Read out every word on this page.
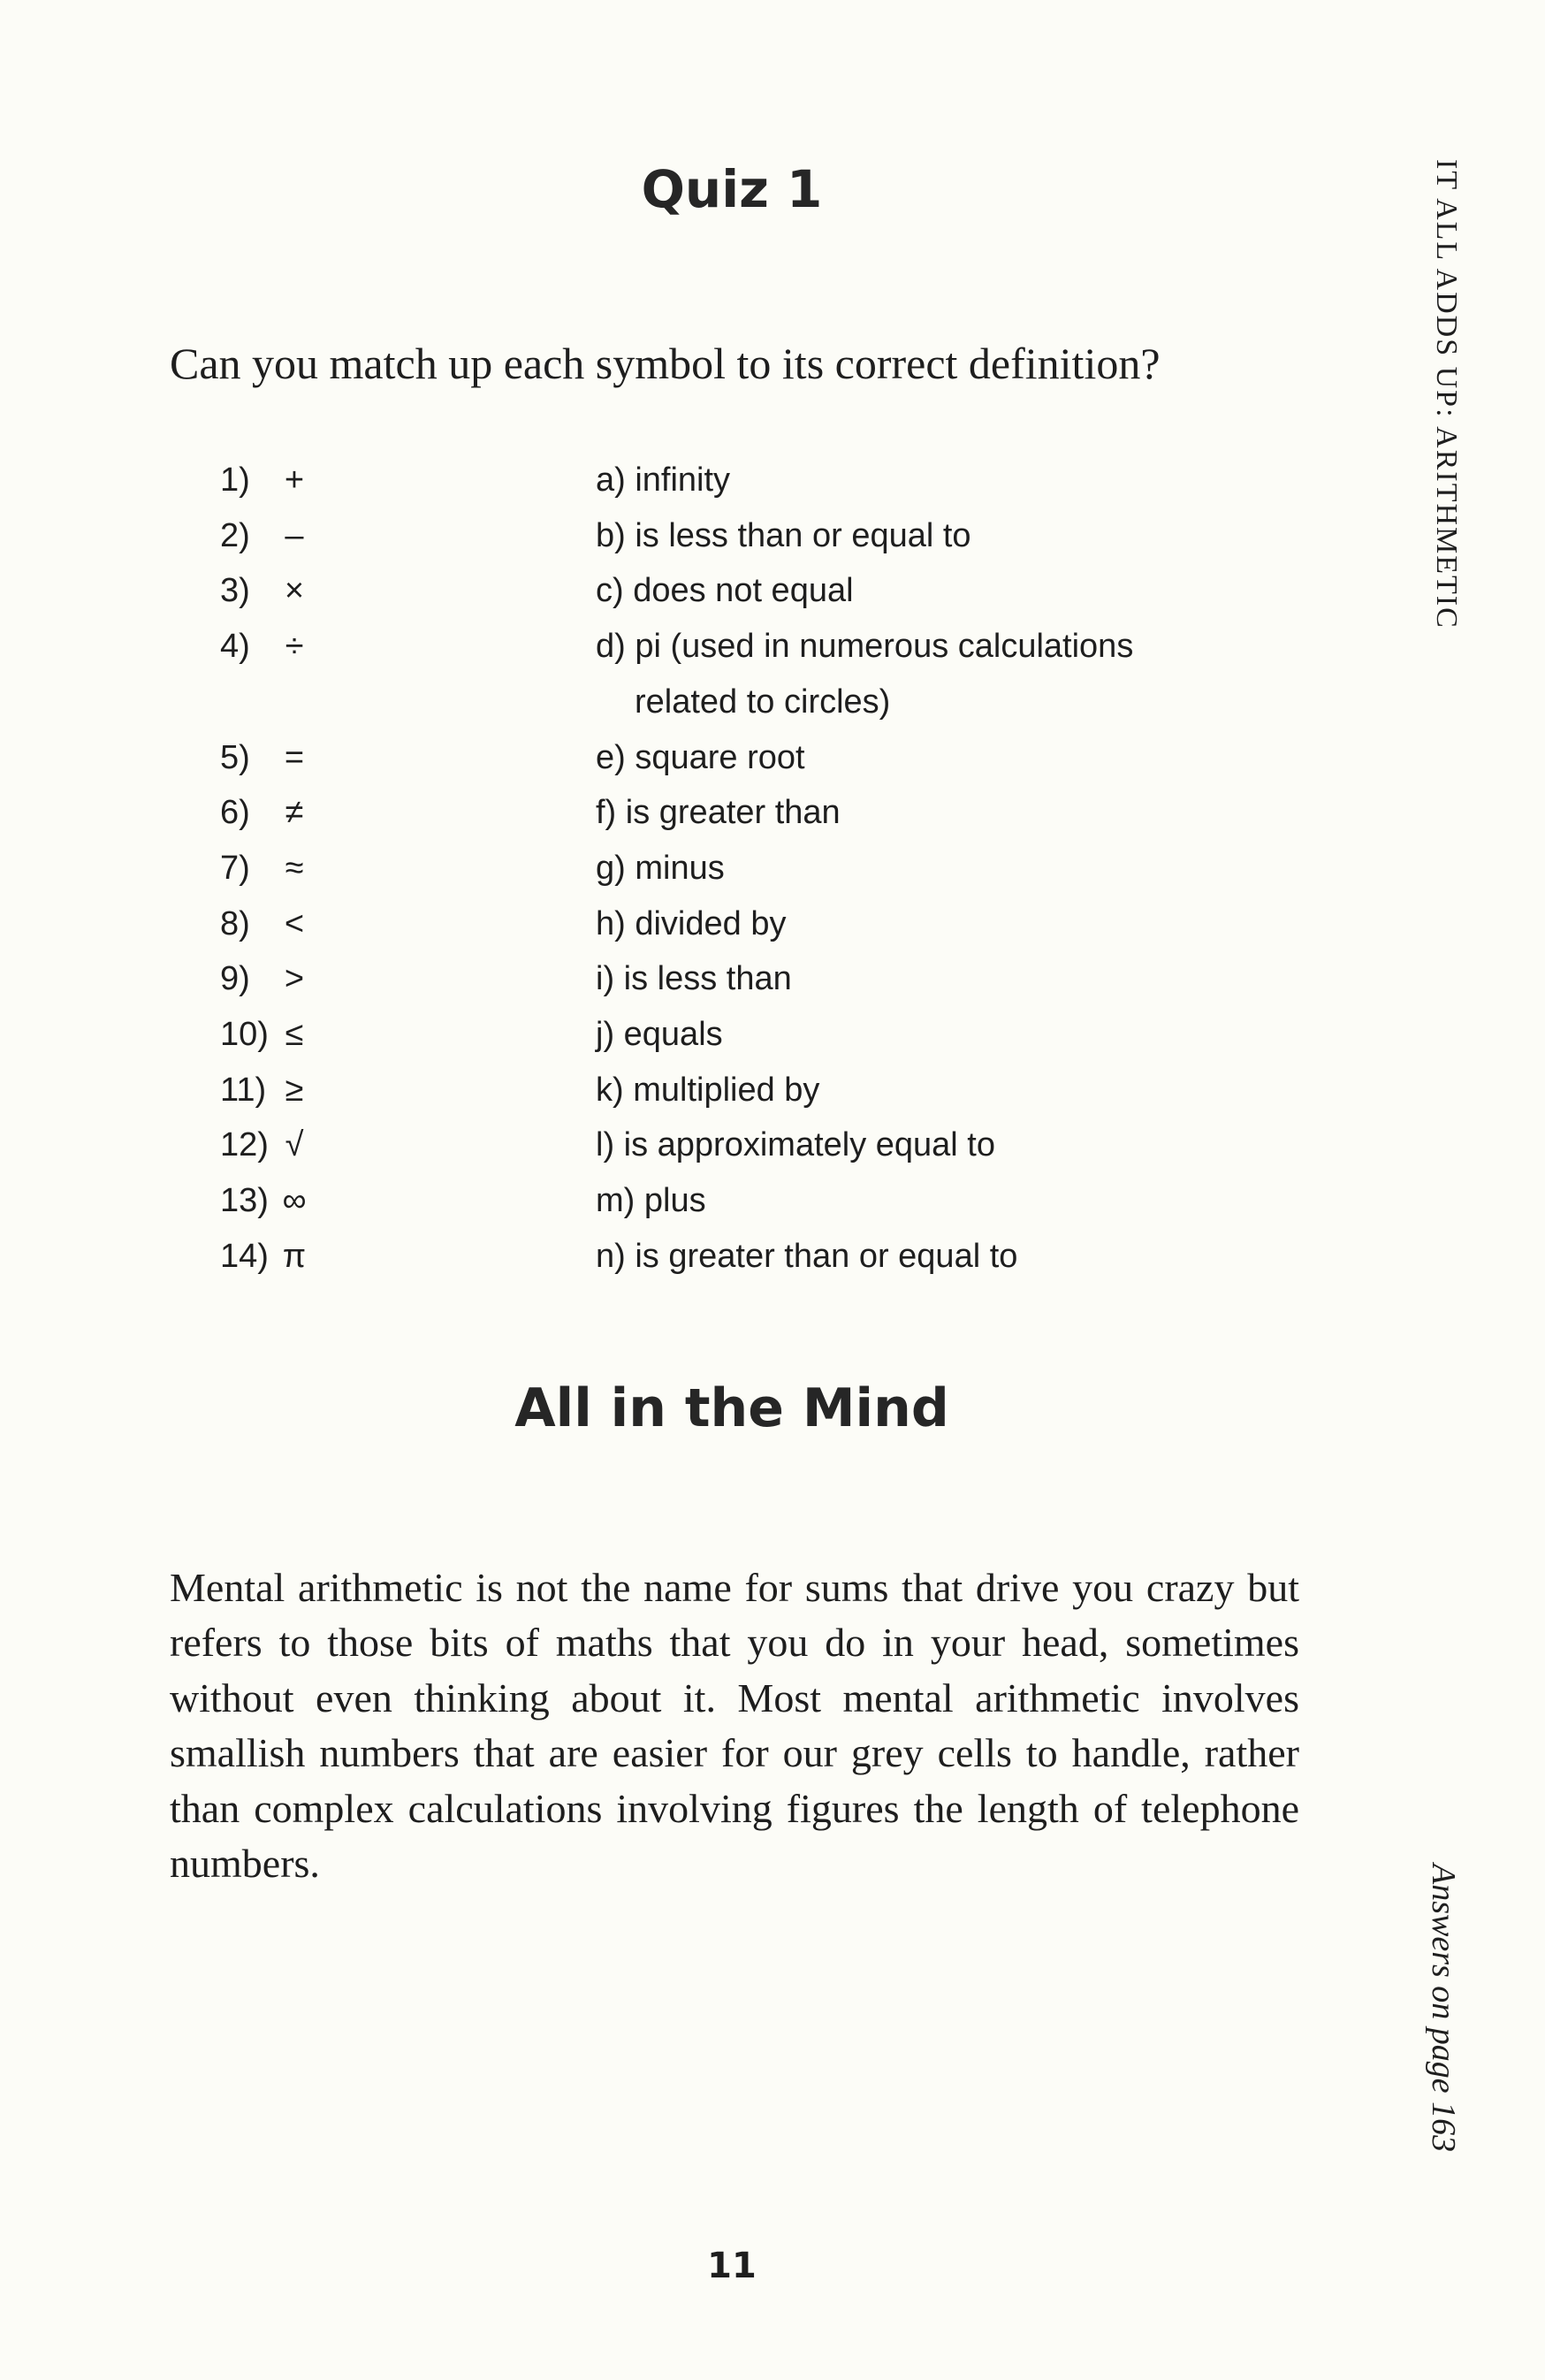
Quiz 1
Can you match up each symbol to its correct definition?
1) +	a) infinity
2) –	b) is less than or equal to
3) ×	c) does not equal
4) ÷	d) pi (used in numerous calculations
related to circles)
5) =	e) square root
6) ≠	f) is greater than
7) ≈	g) minus
8) <	h) divided by
9) >	i) is less than
10) ≤	j) equals
11) ≥	k) multiplied by
12) √	l) is approximately equal to
13) ∞	m) plus
14) π	n) is greater than or equal to
All in the Mind
Mental arithmetic is not the name for sums that drive you crazy but refers to those bits of maths that you do in your head, sometimes without even thinking about it. Most mental arithmetic involves smallish numbers that are easier for our grey cells to handle, rather than complex calculations involving figures the length of telephone numbers.
IT ALL ADDS UP: ARITHMETIC
Answers on page 163
11
